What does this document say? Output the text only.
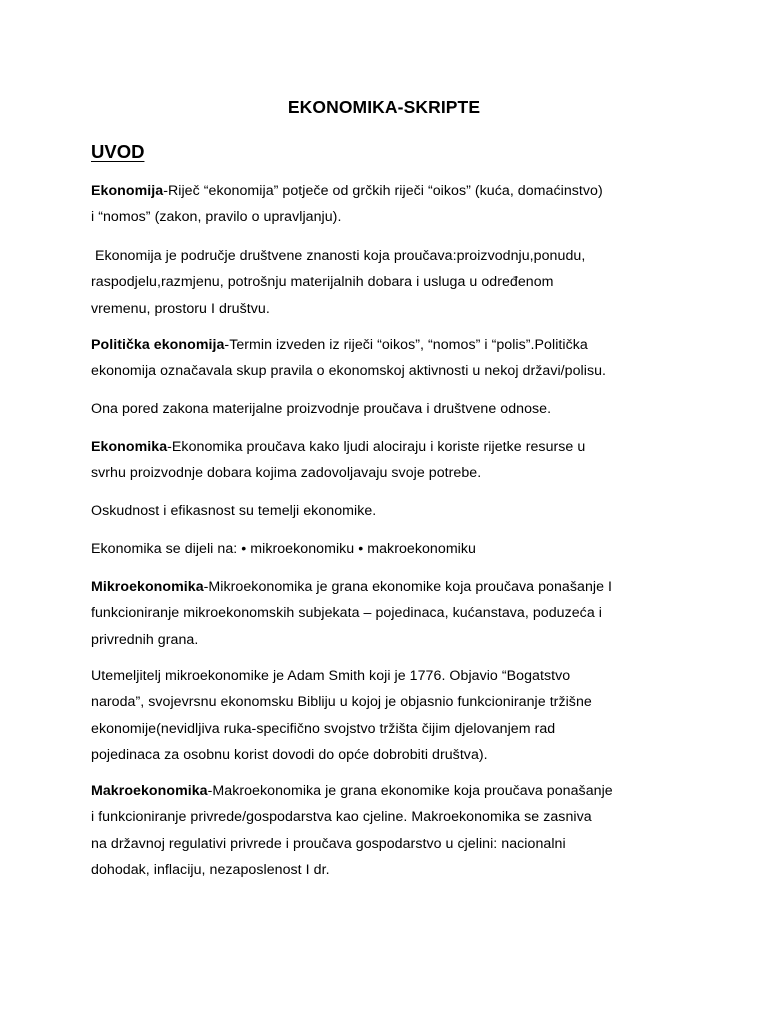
EKONOMIKA-SKRIPTE
UVOD
Ekonomija-Riječ “ekonomija” potječe od grčkih riječi “oikos” (kuća, domaćinstvo)
i “nomos” (zakon, pravilo o upravljanju).
Ekonomija je područje društvene znanosti koja proučava:proizvodnju,ponudu,
raspodjelu,razmjenu, potrošnju materijalnih dobara i usluga u određenom
vremenu, prostoru I društvu.
Politička ekonomija-Termin izveden iz riječi “oikos”, “nomos” i “polis”.Politička
ekonomija označavala skup pravila o ekonomskoj aktivnosti u nekoj državi/polisu.
Ona pored zakona materijalne proizvodnje proučava i društvene odnose.
Ekonomika-Ekonomika proučava kako ljudi alociraju i koriste rijetke resurse u
svrhu proizvodnje dobara kojima zadovoljavaju svoje potrebe.
Oskudnost i efikasnost su temelji ekonomike.
Ekonomika se dijeli na: • mikroekonomiku • makroekonomiku
Mikroekonomika-Mikroekonomika je grana ekonomike koja proučava ponašanje I
funkcioniranje mikroekonomskih subjekata – pojedinaca, kućanstava, poduzeća i
privrednih grana.
Utemeljitelj mikroekonomike je Adam Smith koji je 1776. Objavio “Bogatstvo
naroda”, svojevrsnu ekonomsku Bibliju u kojoj je objasnio funkcioniranje tržišne
ekonomije(nevidljiva ruka-specifično svojstvo tržišta čijim djelovanjem rad
pojedinaca za osobnu korist dovodi do opće dobrobiti društva).
Makroekonomika-Makroekonomika je grana ekonomike koja proučava ponašanje
i funkcioniranje privrede/gospodarstva kao cjeline. Makroekonomika se zasniva
na državnoj regulativi privrede i proučava gospodarstvo u cjelini: nacionalni
dohodak, inflaciju, nezaposlenost I dr.
